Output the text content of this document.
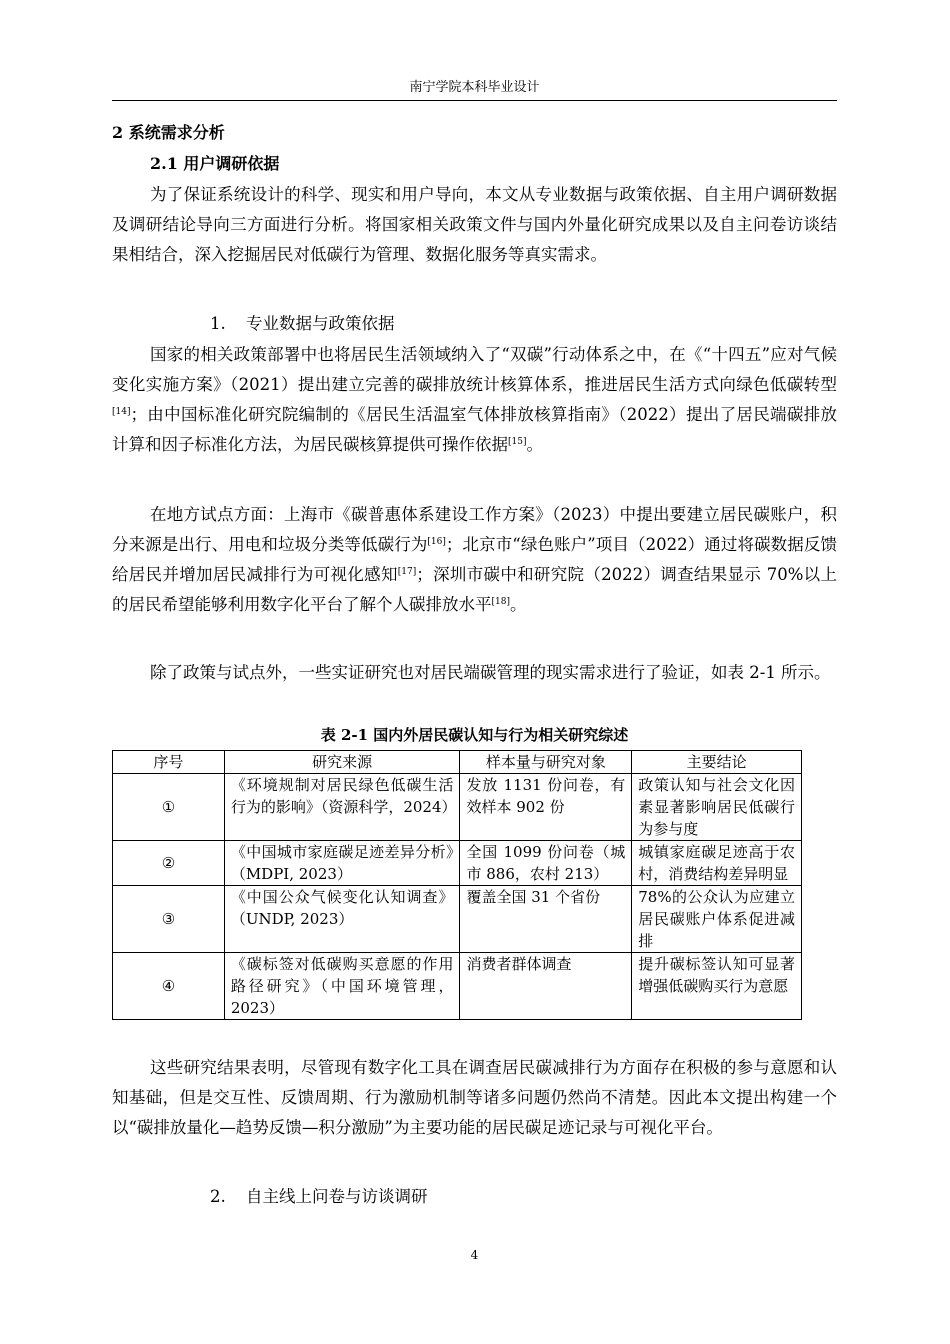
南宁学院本科毕业设计
2 系统需求分析
2.1 用户调研依据

为了保证系统设计的科学、现实和用户导向，本文从专业数据与政策依据、自主用户调研数据及调研结论导向三方面进行分析。将国家相关政策文件与国内外量化研究成果以及自主问卷访谈结果相结合，深入挖掘居民对低碳行为管理、数据化服务等真实需求。

1. 专业数据与政策依据

国家的相关政策部署中也将居民生活领域纳入了“双碳”行动体系之中，在《“十四五”应对气候变化实施方案》（2021）提出建立完善的碳排放统计核算体系，推进居民生活方式向绿色低碳转型[14]；由中国标准化研究院编制的《居民生活温室气体排放核算指南》（2022）提出了居民端碳排放计算和因子标准化方法，为居民碳核算提供可操作依据[15]。

在地方试点方面：上海市《碳普惠体系建设工作方案》（2023）中提出要建立居民碳账户，积分来源是出行、用电和垃圾分类等低碳行为[16]；北京市“绿色账户”项目（2022）通过将碳数据反馈给居民并增加居民减排行为可视化感知[17]；深圳市碳中和研究院（2022）调查结果显示 70%以上的居民希望能够利用数字化平台了解个人碳排放水平[18]。

除了政策与试点外，一些实证研究也对居民端碳管理的现实需求进行了验证，如表 2-1 所示。

表 2-1 国内外居民碳认知与行为相关研究综述
序号	研究来源	样本量与研究对象	主要结论
①	《环境规制对居民绿色低碳生活行为的影响》（资源科学，2024）	发放 1131 份问卷，有效样本 902 份	政策认知与社会文化因素显著影响居民低碳行为参与度
②	《中国城市家庭碳足迹差异分析》（MDPI, 2023）	全国 1099 份问卷（城市 886，农村 213）	城镇家庭碳足迹高于农村，消费结构差异明显
③	《中国公众气候变化认知调查》（UNDP, 2023）	覆盖全国 31 个省份	78%的公众认为应建立居民碳账户体系促进减排
④	《碳标签对低碳购买意愿的作用路径研究》（中国环境管理，2023）	消费者群体调查	提升碳标签认知可显著增强低碳购买行为意愿

这些研究结果表明，尽管现有数字化工具在调查居民碳减排行为方面存在积极的参与意愿和认知基础，但是交互性、反馈周期、行为激励机制等诸多问题仍然尚不清楚。因此本文提出构建一个以“碳排放量化—趋势反馈—积分激励”为主要功能的居民碳足迹记录与可视化平台。

2. 自主线上问卷与访谈调研
4
